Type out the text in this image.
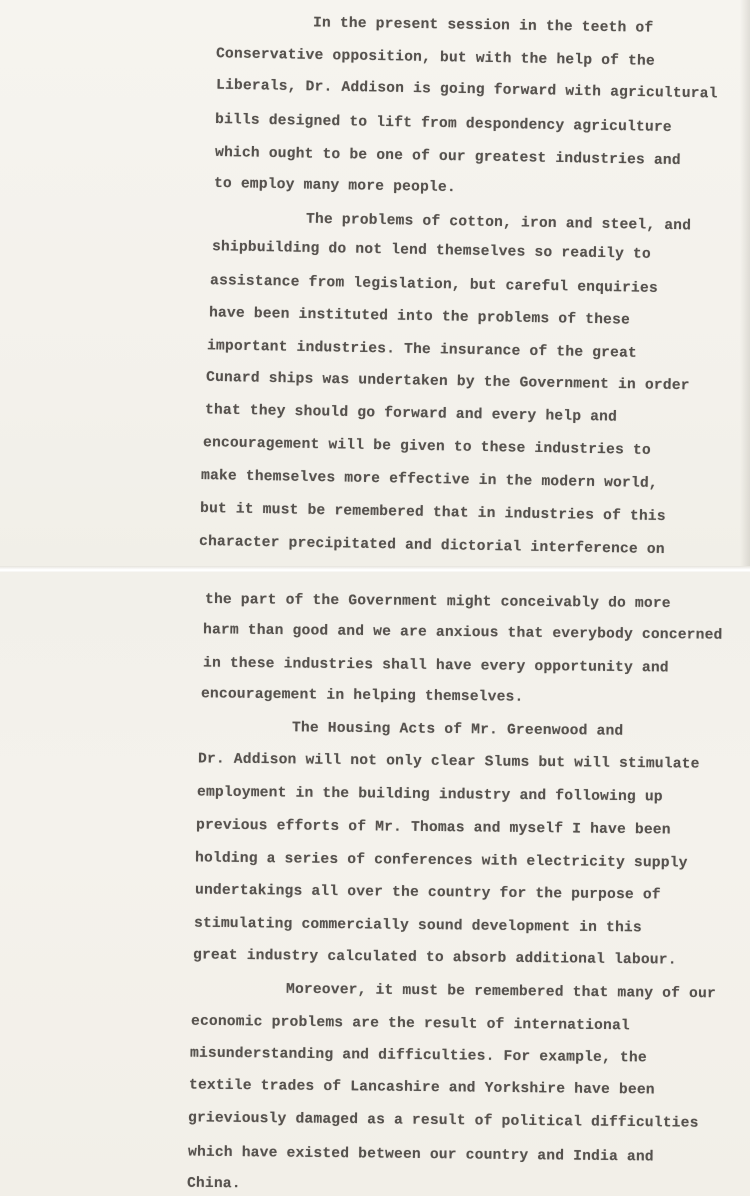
In the present session in the teeth of
Conservative opposition, but with the help of the
Liberals, Dr. Addison is going forward with agricultural
bills designed to lift from despondency agriculture
which ought to be one of our greatest industries and
to employ many more people.
The problems of cotton, iron and steel, and
shipbuilding do not lend themselves so readily to
assistance from legislation, but careful enquiries
have been instituted into the problems of these
important industries. The insurance of the great
Cunard ships was undertaken by the Government in order
that they should go forward and every help and
encouragement will be given to these industries to
make themselves more effective in the modern world,
but it must be remembered that in industries of this
character precipitated and dictorial interference on
the part of the Government might conceivably do more
harm than good and we are anxious that everybody concerned
in these industries shall have every opportunity and
encouragement in helping themselves.
The Housing Acts of Mr. Greenwood and
Dr. Addison will not only clear Slums but will stimulate
employment in the building industry and following up
previous efforts of Mr. Thomas and myself I have been
holding a series of conferences with electricity supply
undertakings all over the country for the purpose of
stimulating commercially sound development in this
great industry calculated to absorb additional labour.
Moreover, it must be remembered that many of our
economic problems are the result of international
misunderstanding and difficulties. For example, the
textile trades of Lancashire and Yorkshire have been
grieviously damaged as a result of political difficulties
which have existed between our country and India and
China.
